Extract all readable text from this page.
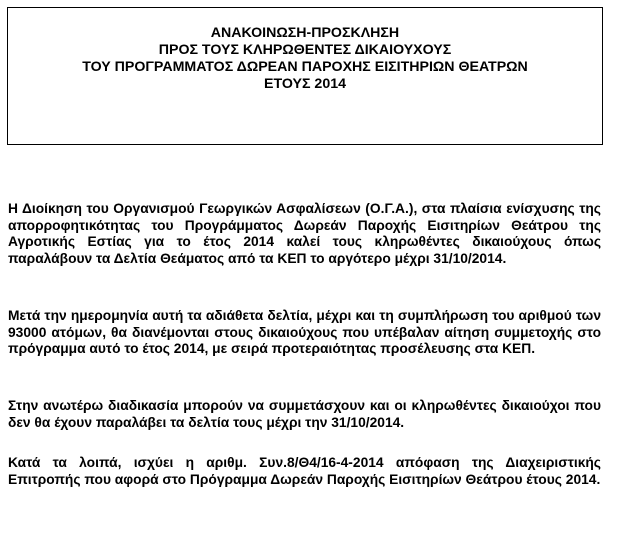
ΑΝΑΚΟΙΝΩΣΗ-ΠΡΟΣΚΛΗΣΗ
ΠΡΟΣ ΤΟΥΣ ΚΛΗΡΩΘΕΝΤΕΣ ΔΙΚΑΙΟΥΧΟΥΣ
ΤΟΥ ΠΡΟΓΡΑΜΜΑΤΟΣ ΔΩΡΕΑΝ ΠΑΡΟΧΗΣ ΕΙΣΙΤΗΡΙΩΝ ΘΕΑΤΡΩΝ
ΕΤΟΥΣ 2014

Η Διοίκηση του Οργανισμού Γεωργικών Ασφαλίσεων (Ο.Γ.Α.), στα πλαίσια ενίσχυσης της απορροφητικότητας του Προγράμματος Δωρεάν Παροχής Εισιτηρίων Θεάτρου της Αγροτικής Εστίας για το έτος 2014 καλεί τους κληρωθέντες δικαιούχους όπως παραλάβουν τα Δελτία Θεάματος από τα ΚΕΠ το αργότερο μέχρι 31/10/2014.

Μετά την ημερομηνία αυτή τα αδιάθετα δελτία, μέχρι και τη συμπλήρωση του αριθμού των 93000 ατόμων, θα διανέμονται στους δικαιούχους που υπέβαλαν αίτηση συμμετοχής στο πρόγραμμα αυτό το έτος 2014, με σειρά προτεραιότητας προσέλευσης στα ΚΕΠ.

Στην ανωτέρω διαδικασία μπορούν να συμμετάσχουν και οι κληρωθέντες δικαιούχοι που δεν θα έχουν παραλάβει τα δελτία τους μέχρι την 31/10/2014.

Κατά τα λοιπά, ισχύει η αριθμ. Συν.8/Θ4/16-4-2014 απόφαση της Διαχειριστικής Επιτροπής που αφορά στο Πρόγραμμα Δωρεάν Παροχής Εισιτηρίων Θεάτρου έτους 2014.
